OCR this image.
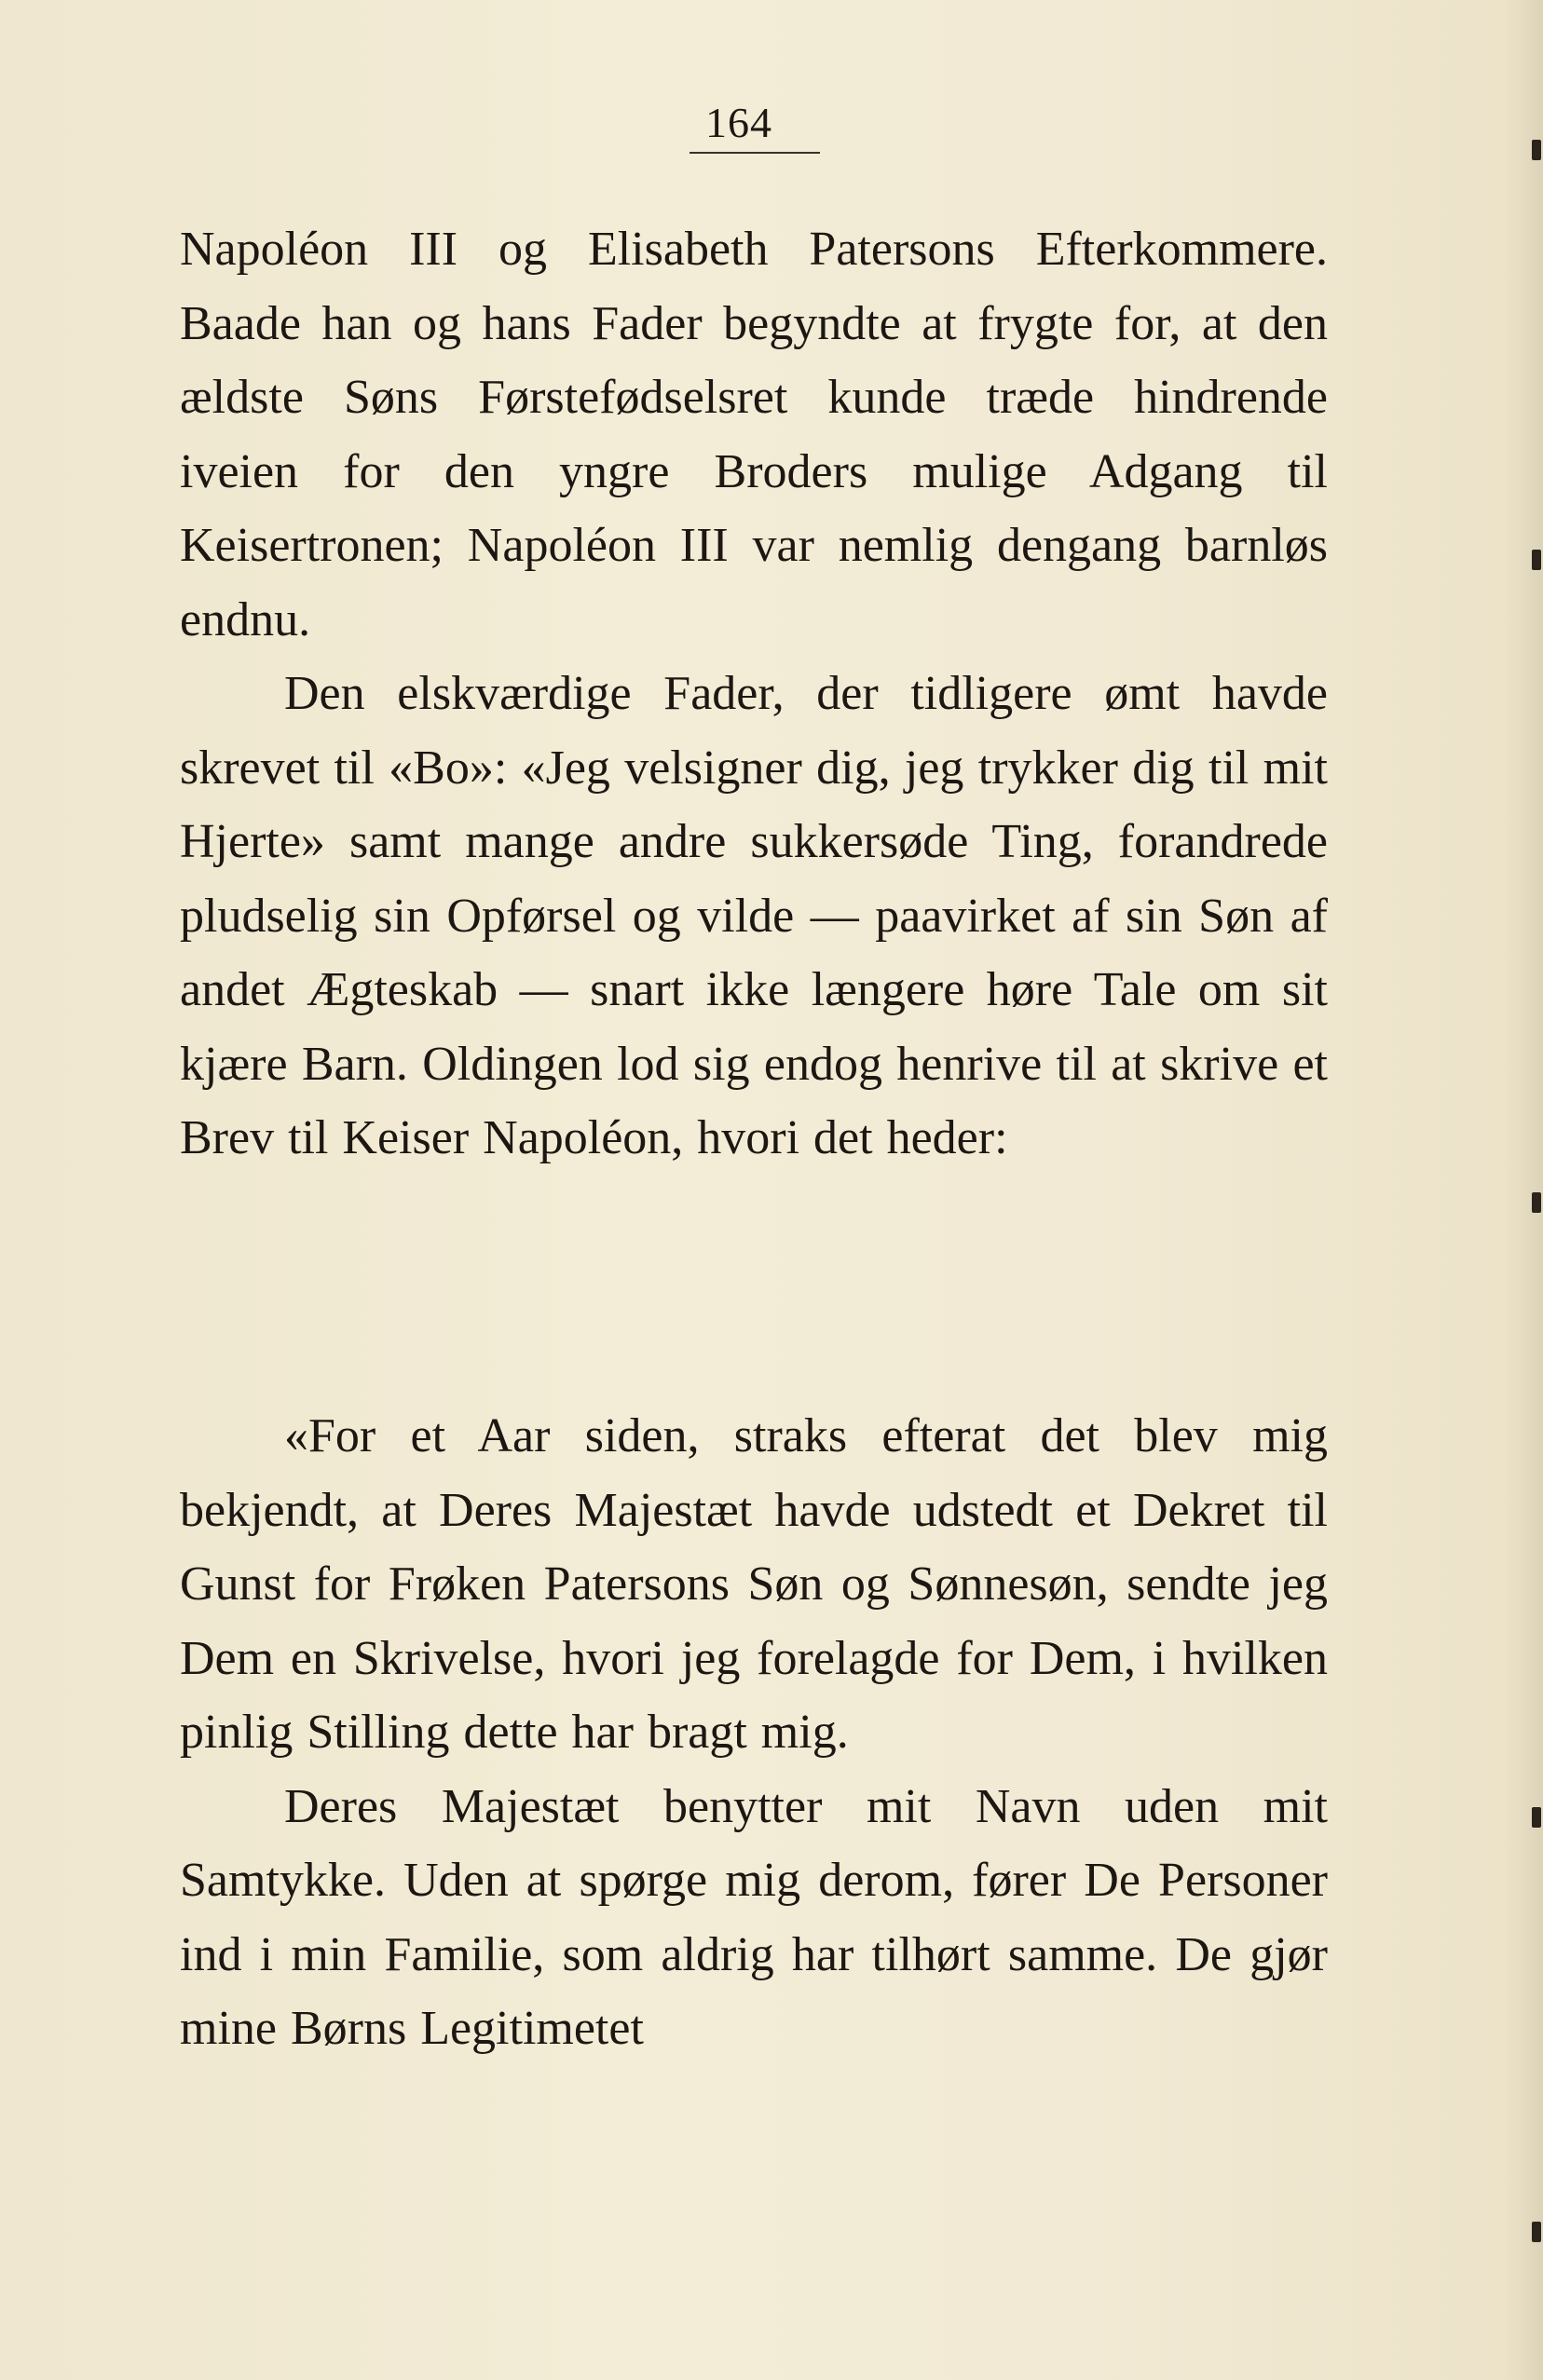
164

Napoléon III og Elisabeth Patersons Efterkommere. Baade han og hans Fader begyndte at frygte for, at den ældste Søns Førstefødselsret kunde træde hindrende iveien for den yngre Broders mulige Adgang til Keisertronen; Napoléon III var nemlig dengang barnløs endnu.

Den elskværdige Fader, der tidligere ømt havde skrevet til «Bo»: «Jeg velsigner dig, jeg trykker dig til mit Hjerte» samt mange andre sukkersøde Ting, forandrede pludselig sin Opførsel og vilde — paavirket af sin Søn af andet Ægteskab — snart ikke længere høre Tale om sit kjære Barn. Oldingen lod sig endog henrive til at skrive et Brev til Keiser Napoléon, hvori det heder:

«For et Aar siden, straks efterat det blev mig bekjendt, at Deres Majestæt havde udstedt et Dekret til Gunst for Frøken Patersons Søn og Sønnesøn, sendte jeg Dem en Skrivelse, hvori jeg forelagde for Dem, i hvilken pinlig Stilling dette har bragt mig.

Deres Majestæt benytter mit Navn uden mit Samtykke. Uden at spørge mig derom, fører De Personer ind i min Familie, som aldrig har tilhørt samme. De gjør mine Børns Legitimetet
